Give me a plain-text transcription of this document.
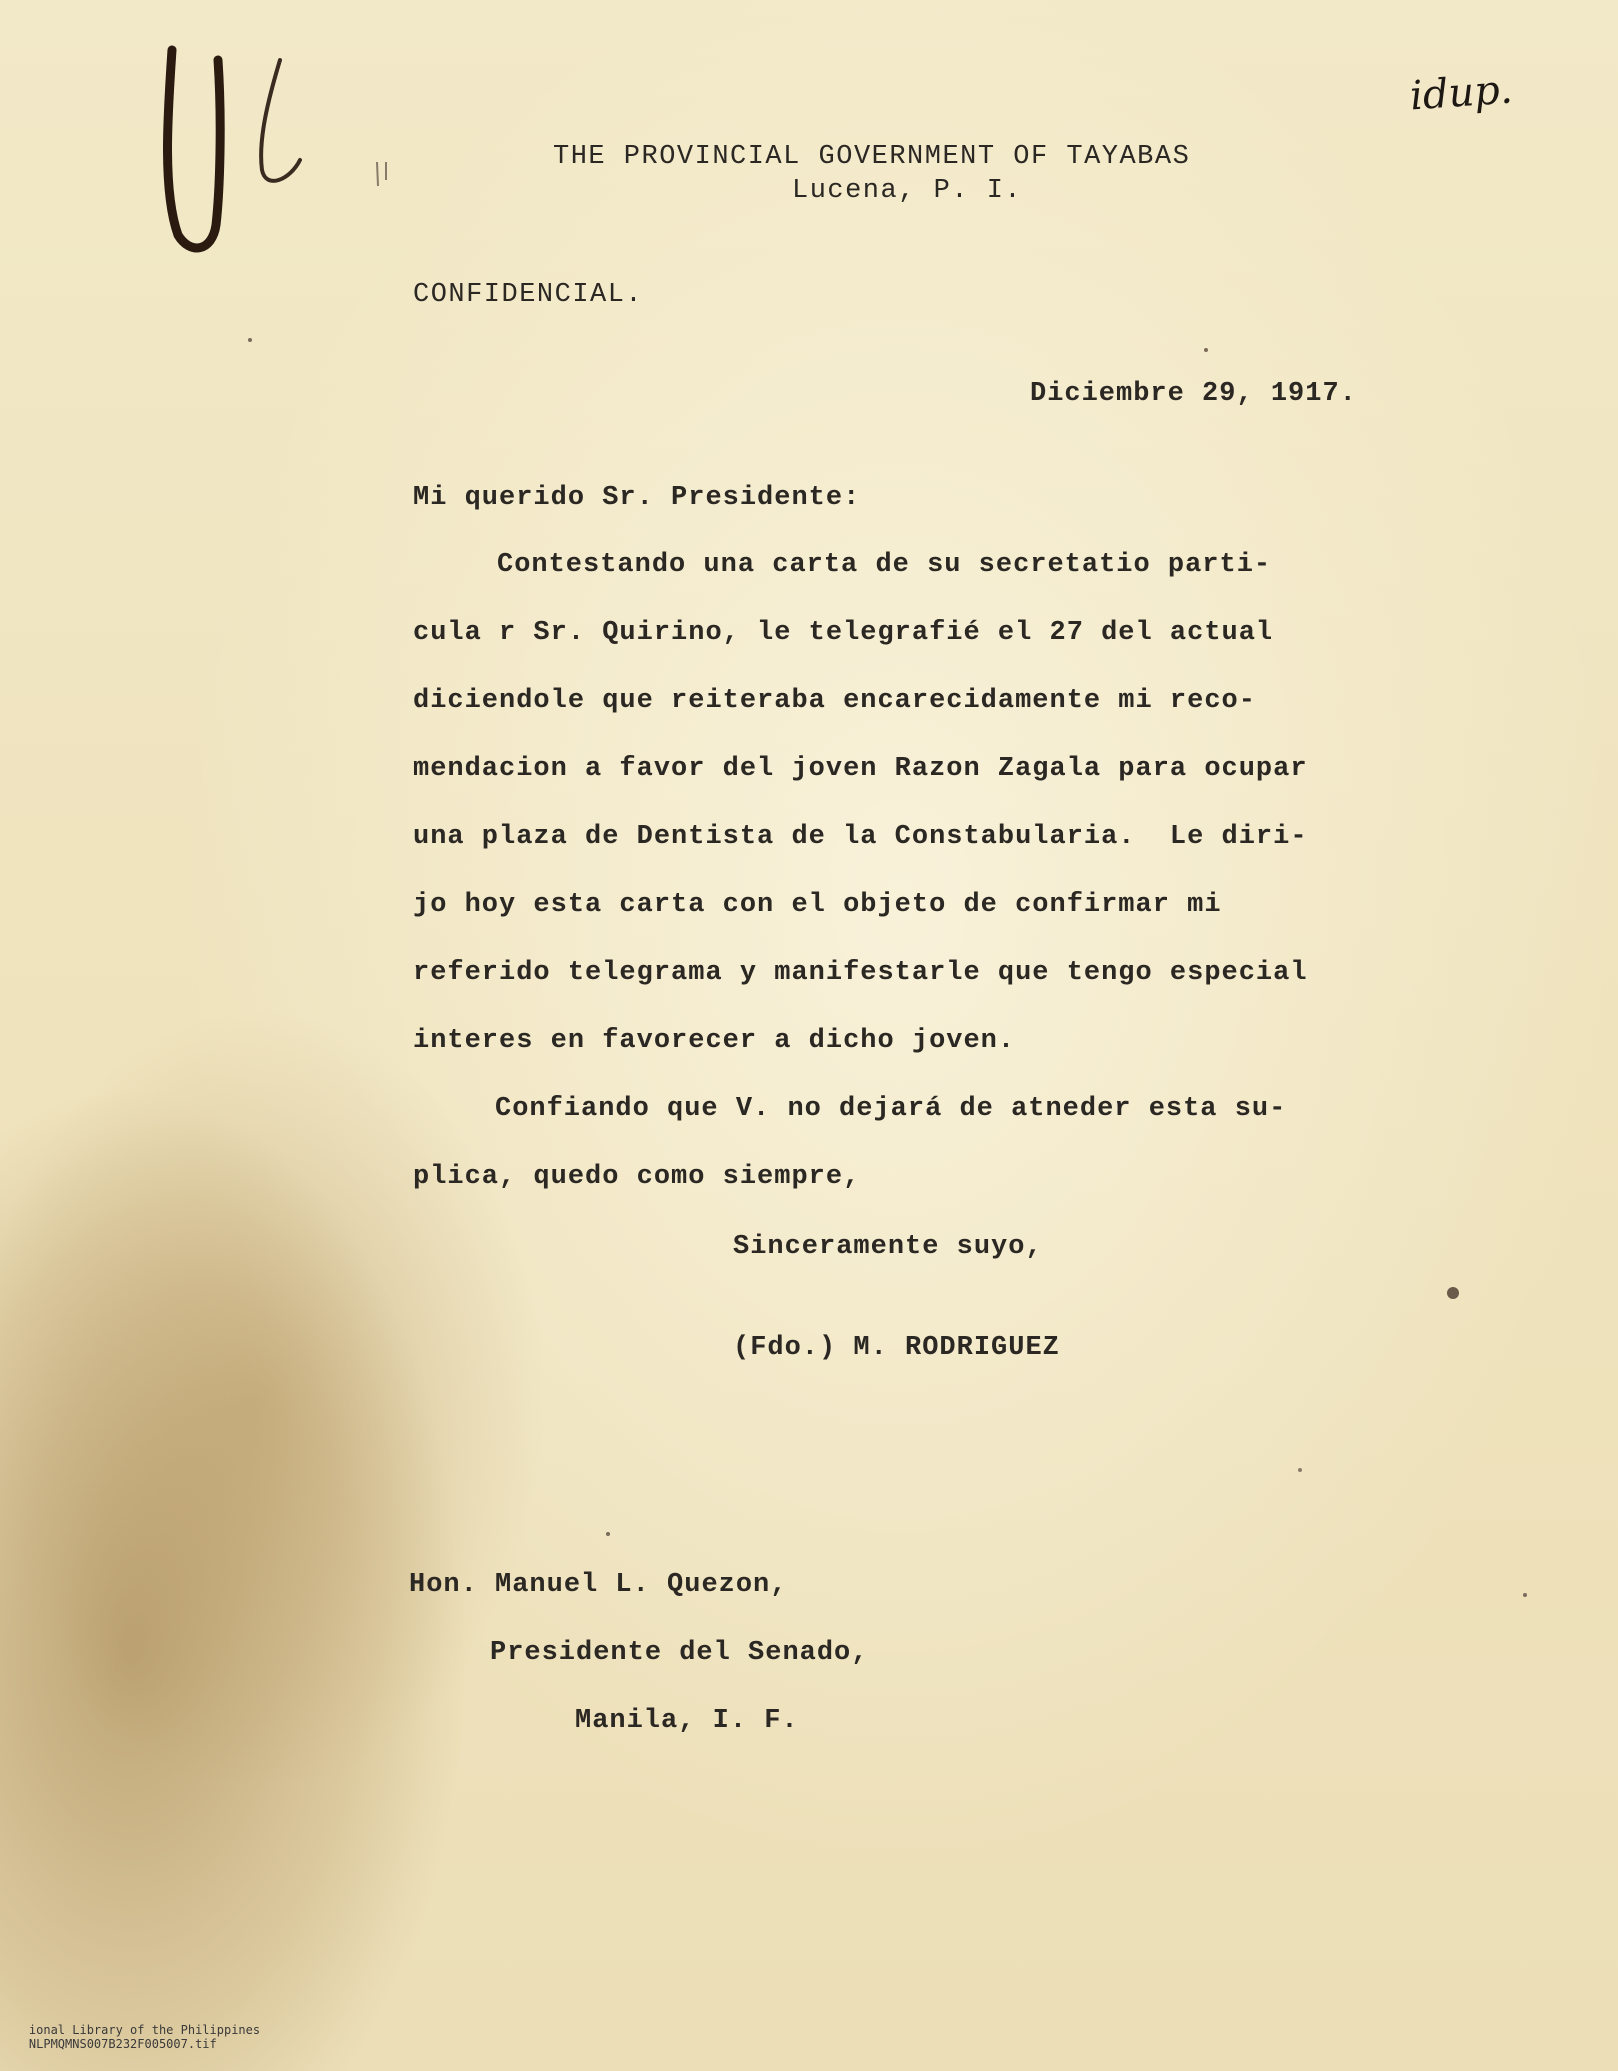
idup.
THE PROVINCIAL GOVERNMENT OF TAYABAS
Lucena, P. I.
CONFIDENCIAL.
Diciembre 29, 1917.
Mi querido Sr. Presidente:
Contestando una carta de su secretatio parti-
cula r Sr. Quirino, le telegrafié el 27 del actual
diciendole que reiteraba encarecidamente mi reco-
mendacion a favor del joven Razon Zagala para ocupar
una plaza de Dentista de la Constabularia.  Le diri-
jo hoy esta carta con el objeto de confirmar mi
referido telegrama y manifestarle que tengo especial
interes en favorecer a dicho joven.
Confiando que V. no dejará de atneder esta su-
plica, quedo como siempre,
Sinceramente suyo,
(Fdo.) M. RODRIGUEZ
Hon. Manuel L. Quezon,
Presidente del Senado,
Manila, I. F.

ional Library of the Philippines
NLPMQMNS007B232F005007.tif
